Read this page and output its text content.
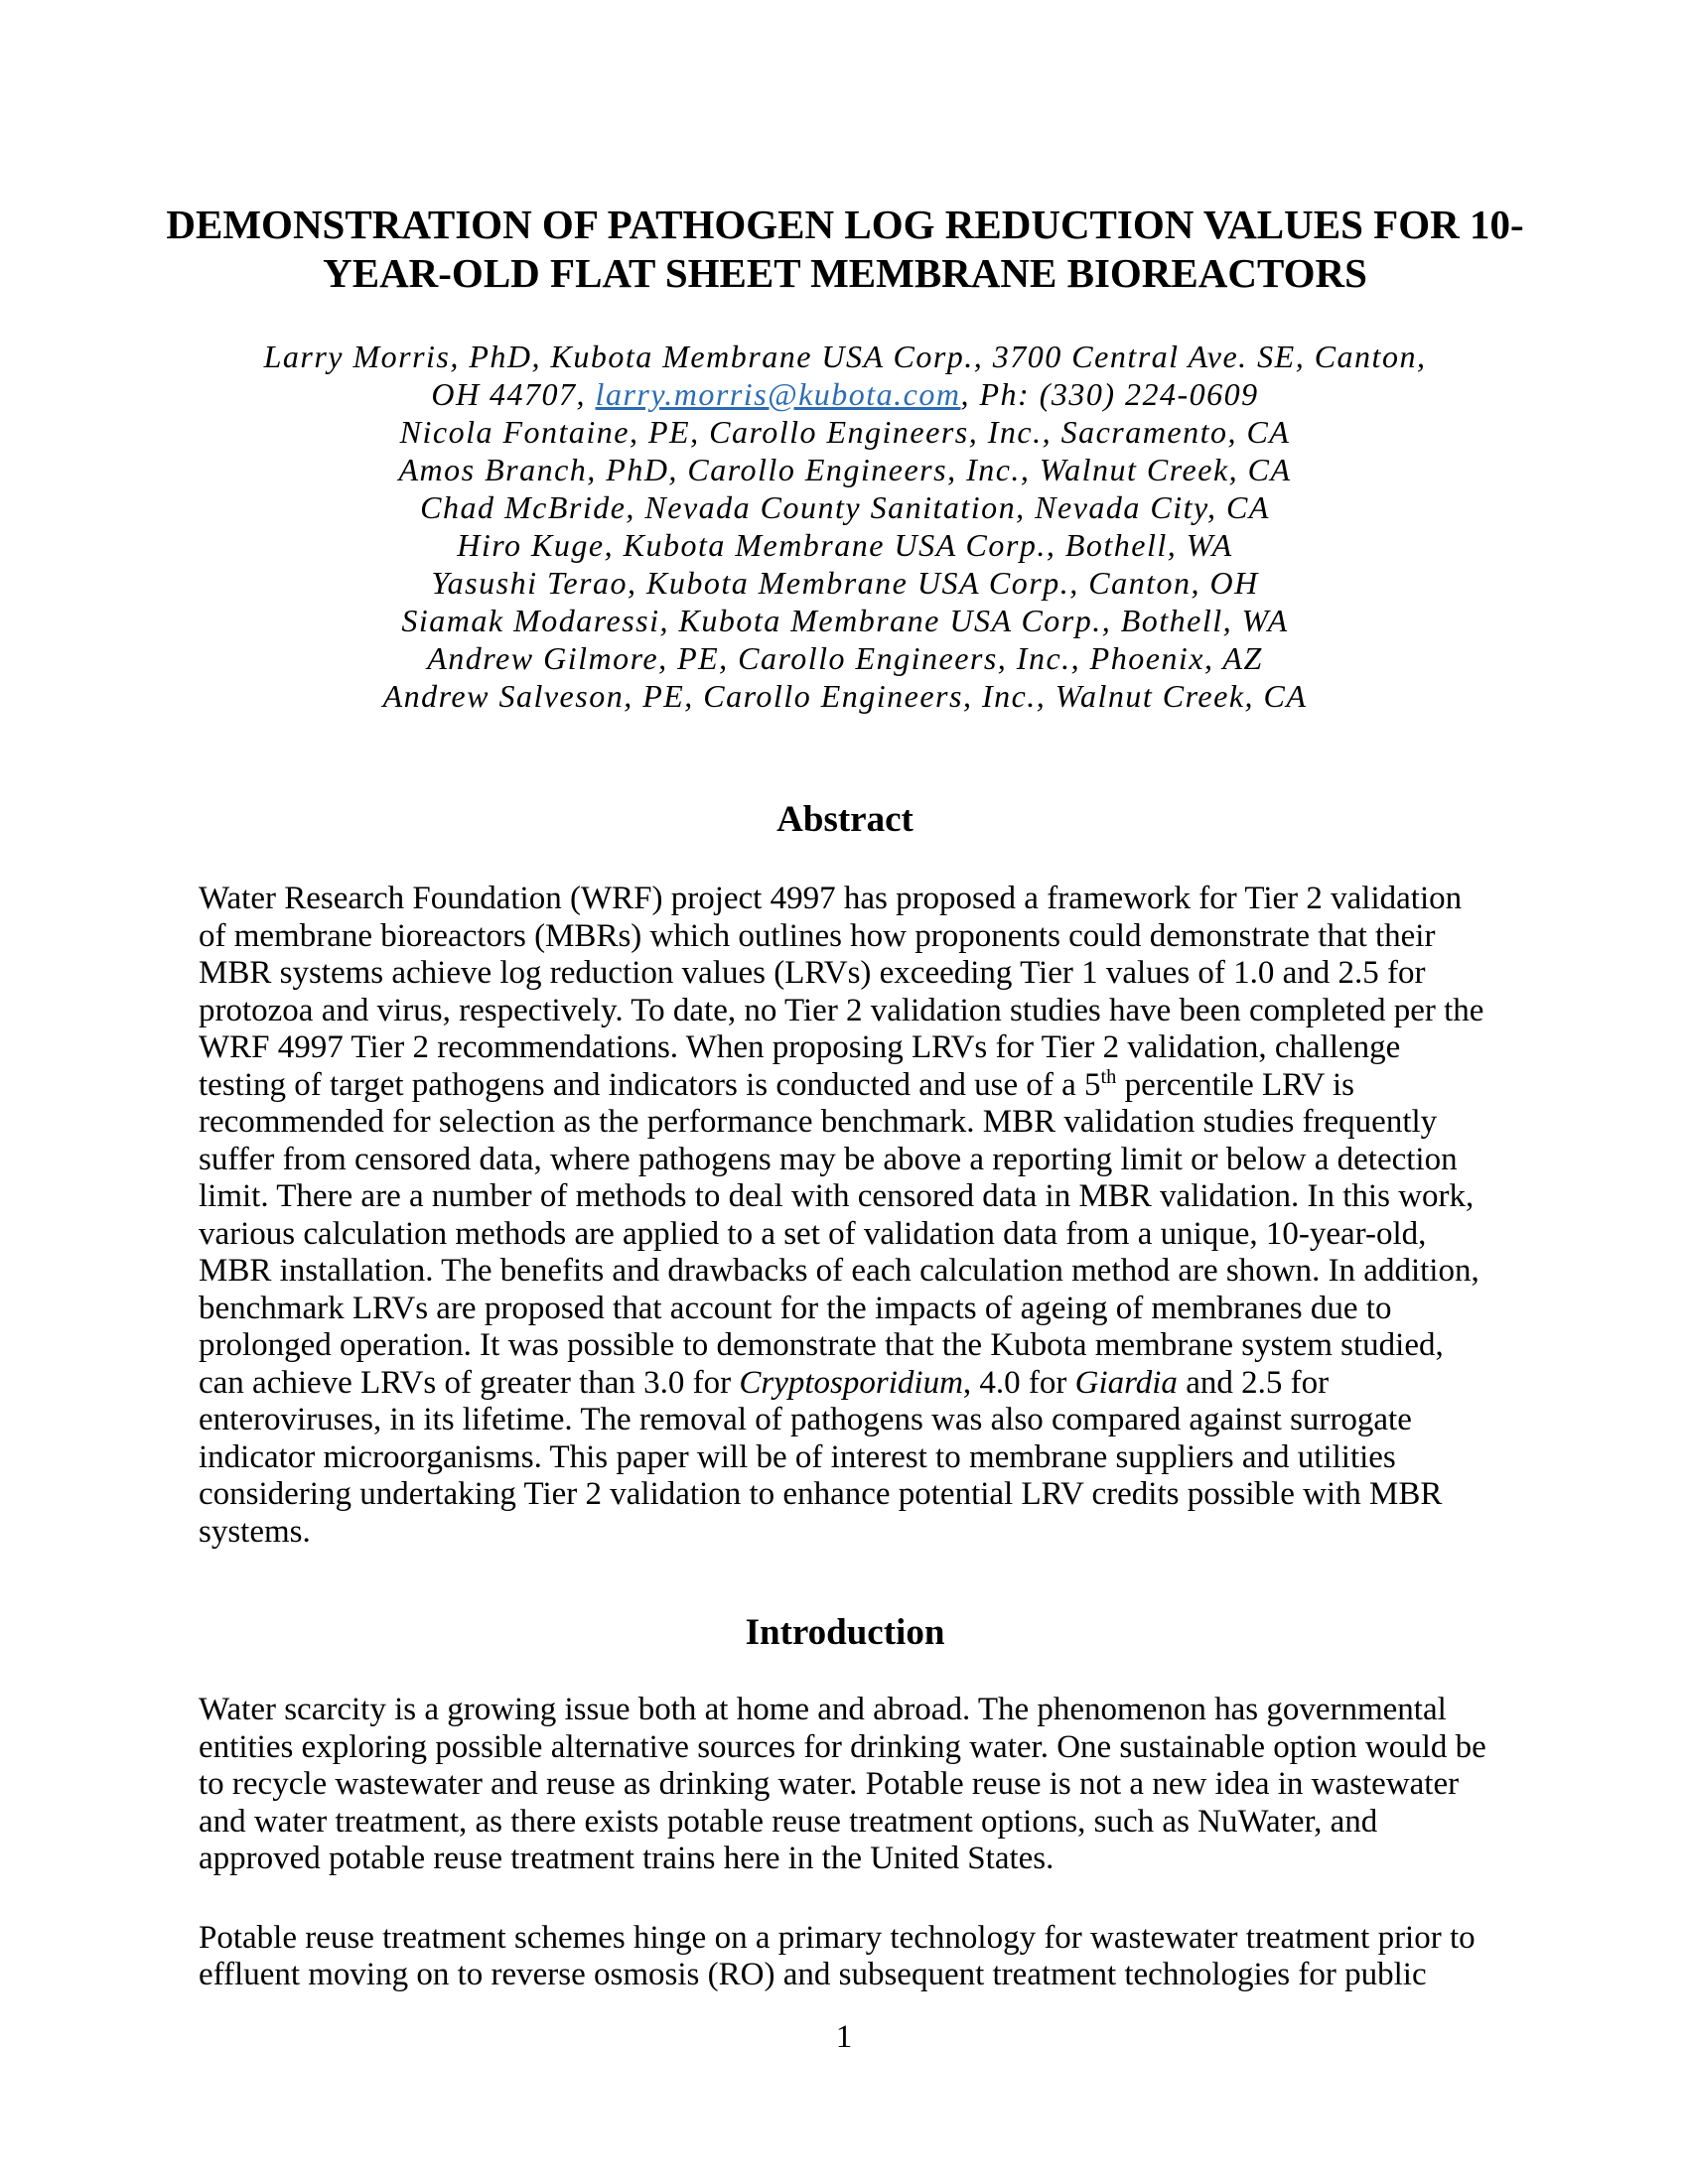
DEMONSTRATION OF PATHOGEN LOG REDUCTION VALUES FOR 10-
YEAR-OLD FLAT SHEET MEMBRANE BIOREACTORS
Larry Morris, PhD, Kubota Membrane USA Corp., 3700 Central Ave. SE, Canton,
OH 44707, larry.morris@kubota.com, Ph: (330) 224-0609
Nicola Fontaine, PE, Carollo Engineers, Inc., Sacramento, CA
Amos Branch, PhD, Carollo Engineers, Inc., Walnut Creek, CA
Chad McBride, Nevada County Sanitation, Nevada City, CA
Hiro Kuge, Kubota Membrane USA Corp., Bothell, WA
Yasushi Terao, Kubota Membrane USA Corp., Canton, OH
Siamak Modaressi, Kubota Membrane USA Corp., Bothell, WA
Andrew Gilmore, PE, Carollo Engineers, Inc., Phoenix, AZ
Andrew Salveson, PE, Carollo Engineers, Inc., Walnut Creek, CA
Abstract

Water Research Foundation (WRF) project 4997 has proposed a framework for Tier 2 validation of membrane bioreactors (MBRs) which outlines how proponents could demonstrate that their MBR systems achieve log reduction values (LRVs) exceeding Tier 1 values of 1.0 and 2.5 for protozoa and virus, respectively. To date, no Tier 2 validation studies have been completed per the WRF 4997 Tier 2 recommendations. When proposing LRVs for Tier 2 validation, challenge testing of target pathogens and indicators is conducted and use of a 5th percentile LRV is recommended for selection as the performance benchmark. MBR validation studies frequently suffer from censored data, where pathogens may be above a reporting limit or below a detection limit. There are a number of methods to deal with censored data in MBR validation. In this work, various calculation methods are applied to a set of validation data from a unique, 10-year-old, MBR installation. The benefits and drawbacks of each calculation method are shown. In addition, benchmark LRVs are proposed that account for the impacts of ageing of membranes due to prolonged operation. It was possible to demonstrate that the Kubota membrane system studied, can achieve LRVs of greater than 3.0 for Cryptosporidium, 4.0 for Giardia and 2.5 for enteroviruses, in its lifetime. The removal of pathogens was also compared against surrogate indicator microorganisms. This paper will be of interest to membrane suppliers and utilities considering undertaking Tier 2 validation to enhance potential LRV credits possible with MBR systems.

Introduction

Water scarcity is a growing issue both at home and abroad. The phenomenon has governmental entities exploring possible alternative sources for drinking water. One sustainable option would be to recycle wastewater and reuse as drinking water. Potable reuse is not a new idea in wastewater and water treatment, as there exists potable reuse treatment options, such as NuWater, and approved potable reuse treatment trains here in the United States.

Potable reuse treatment schemes hinge on a primary technology for wastewater treatment prior to effluent moving on to reverse osmosis (RO) and subsequent treatment technologies for public

1
